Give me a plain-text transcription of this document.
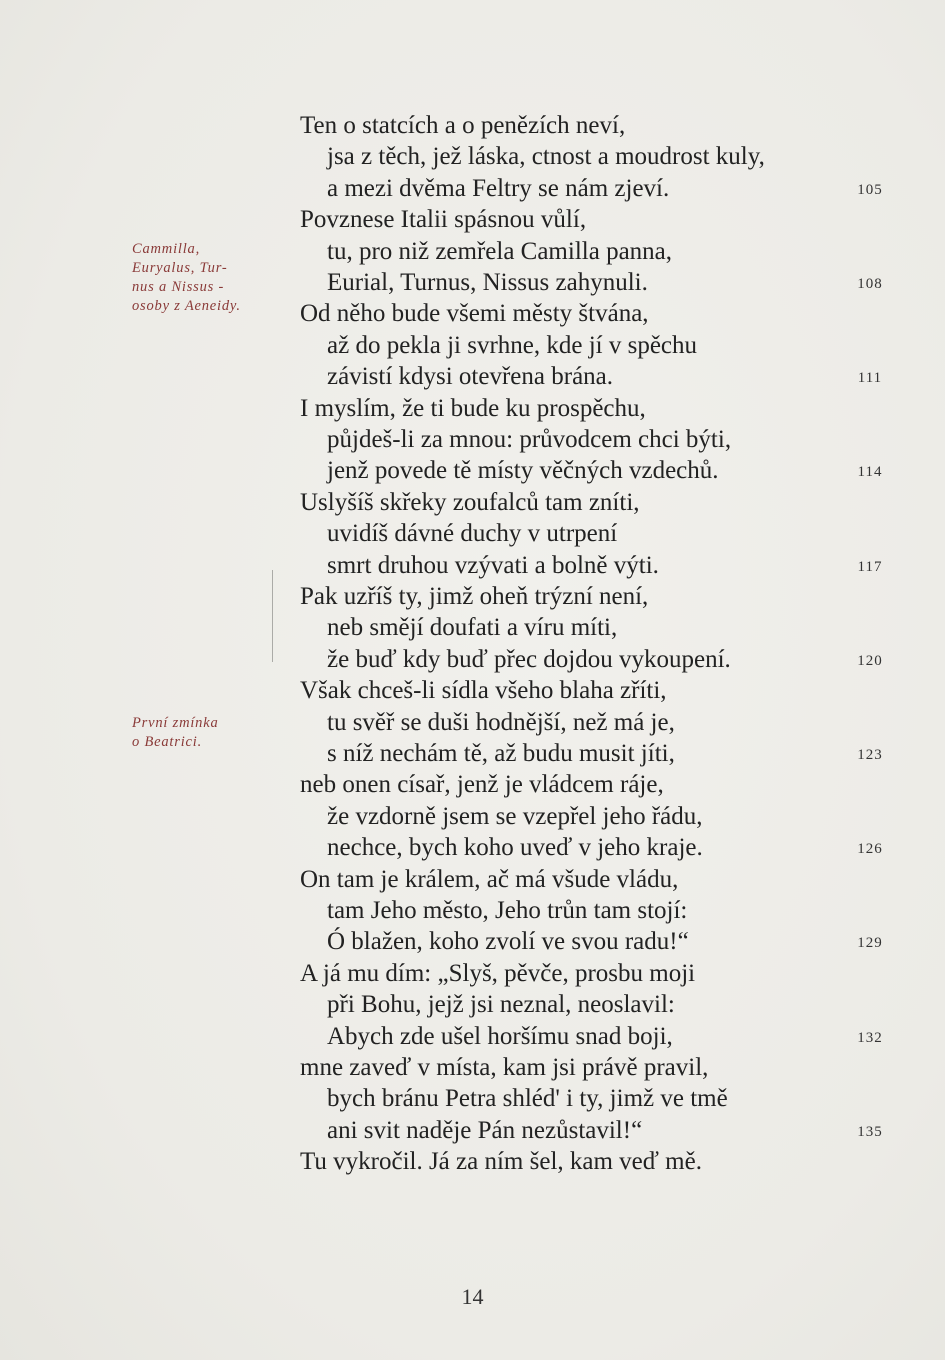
Ten o statcích a o penězích neví,
jsa z těch, jež láska, ctnost a moudrost kuly,
a mezi dvěma Feltry se nám zjeví.	105
Povznese Italii spásnou vůlí,
tu, pro niž zemřela Camilla panna,
Eurial, Turnus, Nissus zahynuli.	108
Od něho bude všemi městy štvána,
až do pekla ji svrhne, kde jí v spěchu
závistí kdysi otevřena brána.	111
I myslím, že ti bude ku prospěchu,
půjdeš-li za mnou: průvodcem chci býti,
jenž povede tě místy věčných vzdechů.	114
Uslyšíš skřeky zoufalců tam zníti,
uvidíš dávné duchy v utrpení
smrt druhou vzývati a bolně výti.	117
Pak uzříš ty, jimž oheň trýzní není,
neb smějí doufati a víru míti,
že buď kdy buď přec dojdou vykoupení.	120
Však chceš-li sídla všeho blaha zříti,
tu svěř se duši hodnější, než má je,
s níž nechám tě, až budu musit jíti,	123
neb onen císař, jenž je vládcem ráje,
že vzdorně jsem se vzepřel jeho řádu,
nechce, bych koho uveď v jeho kraje.	126
On tam je králem, ač má všude vládu,
tam Jeho město, Jeho trůn tam stojí:
Ó blažen, koho zvolí ve svou radu!“	129
A já mu dím: „Slyš, pěvče, prosbu moji
při Bohu, jejž jsi neznal, neoslavil:
Abych zde ušel horšímu snad boji,	132
mne zaveď v místa, kam jsi právě pravil,
bych bránu Petra shléd' i ty, jimž ve tmě
ani svit naděje Pán nezůstavil!“	135
Tu vykročil. Já za ním šel, kam veď mě.
Cammilla,
Euryalus, Tur-
nus a Nissus -
osoby z Aeneidy.
První zmínka
o Beatrici.
14
